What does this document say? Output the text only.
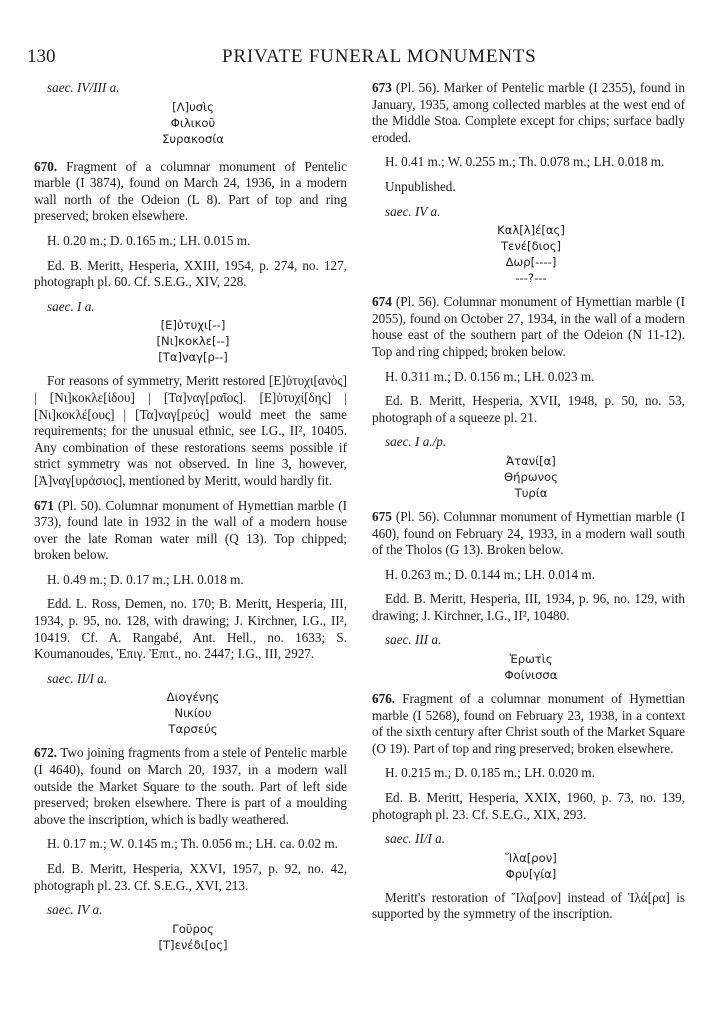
130	PRIVATE FUNERAL MONUMENTS
saec. IV/III a.
[Λ]υσὶς
Φιλικοῦ
Συρακοσία
670. Fragment of a columnar monument of Pentelic marble (I 3874), found on March 24, 1936, in a modern wall north of the Odeion (L 8). Part of top and ring preserved; broken elsewhere.
H. 0.20 m.; D. 0.165 m.; LH. 0.015 m.
Ed. B. Meritt, Hesperia, XXIII, 1954, p. 274, no. 127, photograph pl. 60. Cf. S.E.G., XIV, 228.
saec. I a.
[Ε]ὐτυχι[--]
[Νι]κοκλε[--]
[Τα]ναγ[ρ--]
For reasons of symmetry, Meritt restored [Ε]ὐτυχι[ανὸς] | [Νι]κοκλε[ίδου] | [Τα]ναγ[ραῖος]. [Ε]ὐτυχί[δης] | [Νι]κοκλέ[ους] | [Τα]ναγ[ρεύς] would meet the same requirements; for the unusual ethnic, see I.G., II², 10405. Any combination of these restorations seems possible if strict symmetry was not observed. In line 3, however, [Ἀ]ναγ[υράσιος], mentioned by Meritt, would hardly fit.
671 (Pl. 50). Columnar monument of Hymettian marble (I 373), found late in 1932 in the wall of a modern house over the late Roman water mill (Q 13). Top chipped; broken below.
H. 0.49 m.; D. 0.17 m.; LH. 0.018 m.
Edd. L. Ross, Demen, no. 170; B. Meritt, Hesperia, III, 1934, p. 95, no. 128, with drawing; J. Kirchner, I.G., II², 10419. Cf. A. Rangabé, Ant. Hell., no. 1633; S. Koumanoudes, Ἐπιγ. Ἐπιτ., no. 2447; I.G., III, 2927.
saec. II/I a.
Διογένης
Νικίου
Ταρσεύς
672. Two joining fragments from a stele of Pentelic marble (I 4640), found on March 20, 1937, in a modern wall outside the Market Square to the south. Part of left side preserved; broken elsewhere. There is part of a moulding above the inscription, which is badly weathered.
H. 0.17 m.; W. 0.145 m.; Th. 0.056 m.; LH. ca. 0.02 m.
Ed. B. Meritt, Hesperia, XXVI, 1957, p. 92, no. 42, photograph pl. 23. Cf. S.E.G., XVI, 213.
saec. IV a.
Γοῦρος
[Τ]ενέδι[ος]
673 (Pl. 56). Marker of Pentelic marble (I 2355), found in January, 1935, among collected marbles at the west end of the Middle Stoa. Complete except for chips; surface badly eroded.
H. 0.41 m.; W. 0.255 m.; Th. 0.078 m.; LH. 0.018 m.
Unpublished.
saec. IV a.
Καλ[λ]έ[ας]
Τενέ[διος]
Δωρ[----]
---?---
674 (Pl. 56). Columnar monument of Hymettian marble (I 2055), found on October 27, 1934, in the wall of a modern house east of the southern part of the Odeion (N 11-12). Top and ring chipped; broken below.
H. 0.311 m.; D. 0.156 m.; LH. 0.023 m.
Ed. B. Meritt, Hesperia, XVII, 1948, p. 50, no. 53, photograph of a squeeze pl. 21.
saec. I a./p.
Ἀτανί[α]
Θήρωνος
Τυρία
675 (Pl. 56). Columnar monument of Hymettian marble (I 460), found on February 24, 1933, in a modern wall south of the Tholos (G 13). Broken below.
H. 0.263 m.; D. 0.144 m.; LH. 0.014 m.
Edd. B. Meritt, Hesperia, III, 1934, p. 96, no. 129, with drawing; J. Kirchner, I.G., II², 10480.
saec. III a.
Ἐρωτὶς
Φοίνισσα
676. Fragment of a columnar monument of Hymettian marble (I 5268), found on February 23, 1938, in a context of the sixth century after Christ south of the Market Square (O 19). Part of top and ring preserved; broken elsewhere.
H. 0.215 m.; D. 0.185 m.; LH. 0.020 m.
Ed. B. Meritt, Hesperia, XXIX, 1960, p. 73, no. 139, photograph pl. 23. Cf. S.E.G., XIX, 293.
saec. II/I a.
Ἵλα[ρον]
Φρυ[γία]
Meritt's restoration of Ἵλα[ρον] instead of Ἱλά[ρα] is supported by the symmetry of the inscription.
